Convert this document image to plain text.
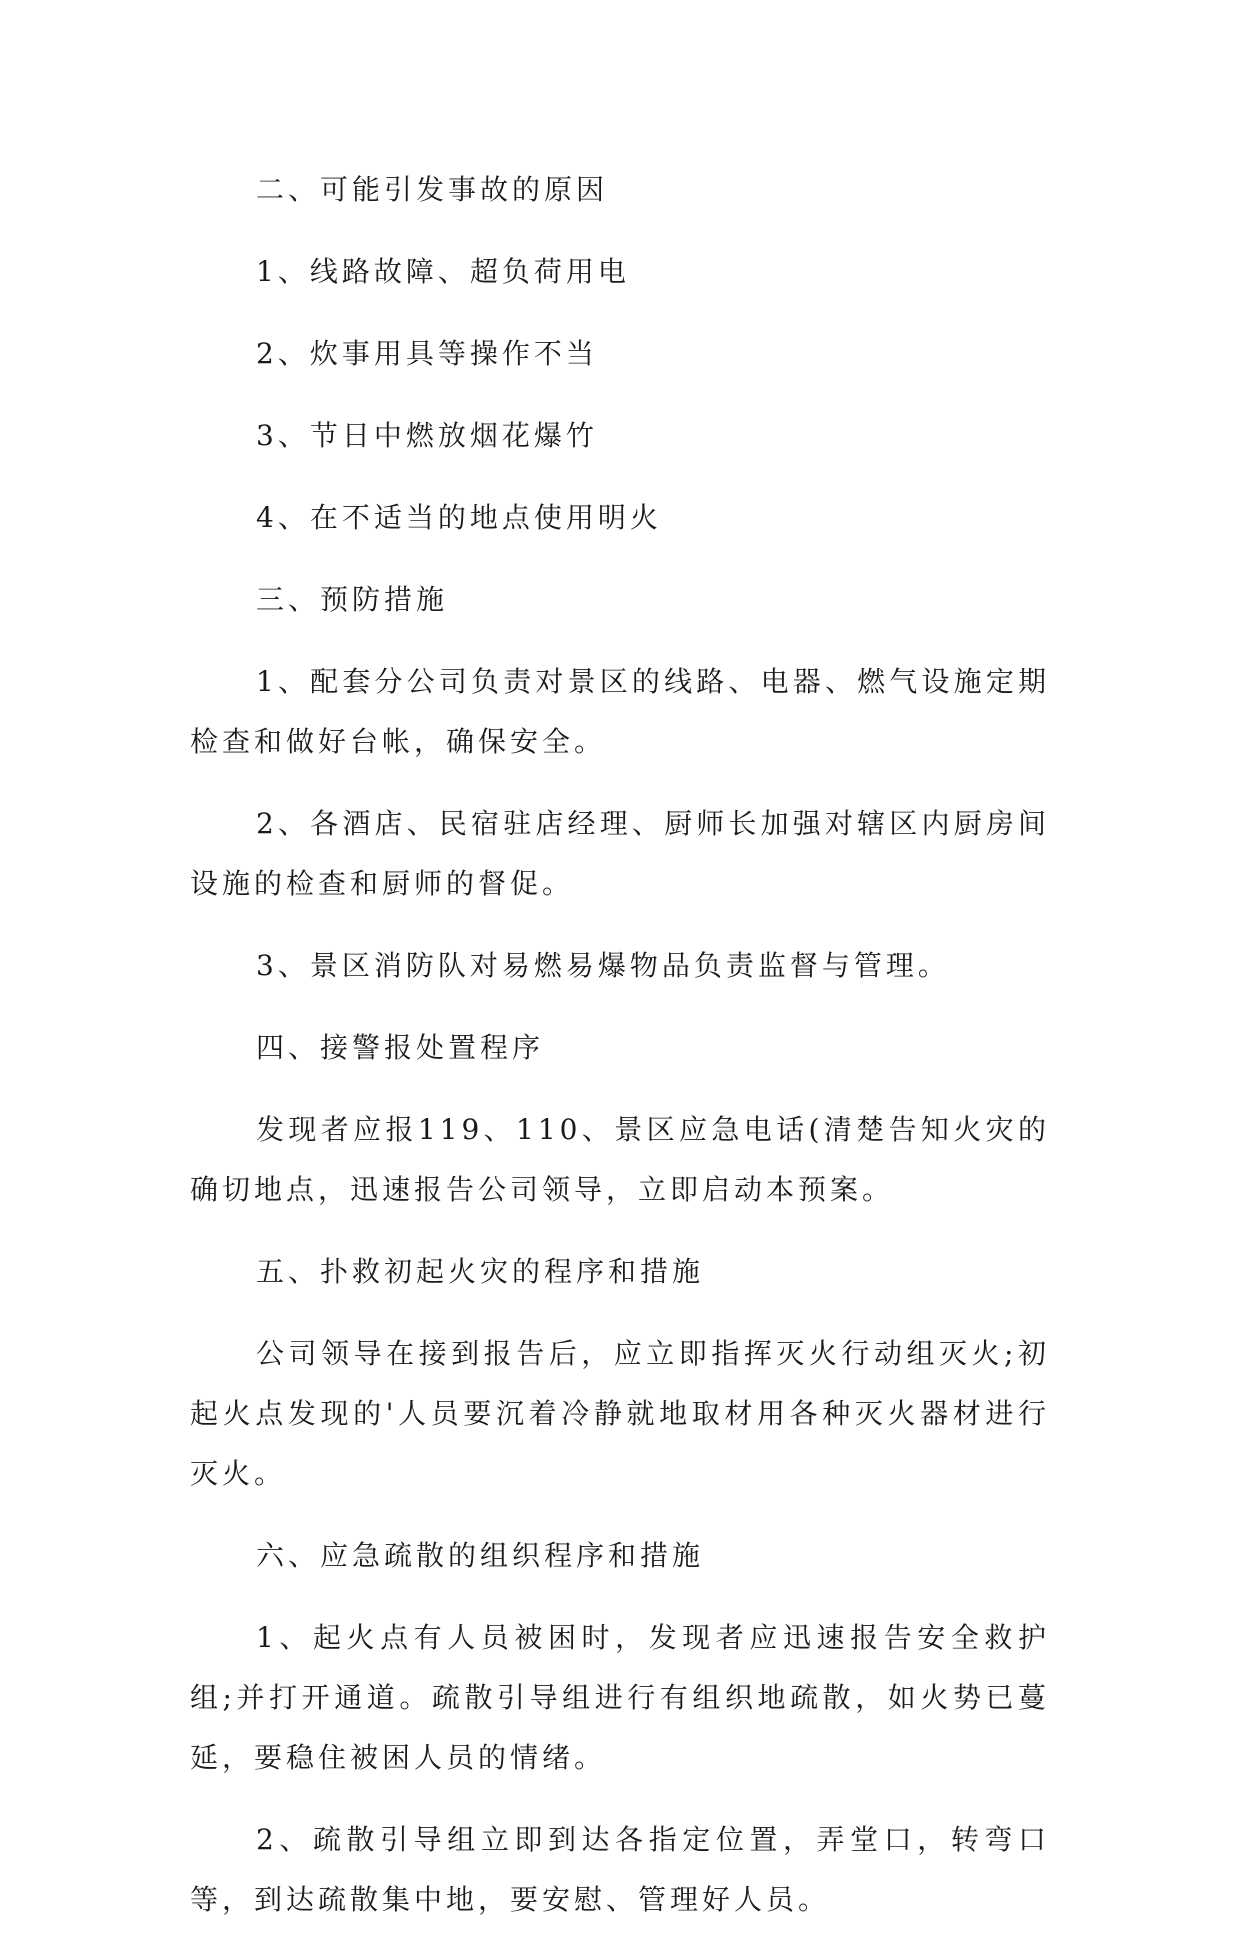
二、可能引发事故的原因

1、线路故障、超负荷用电

2、炊事用具等操作不当

3、节日中燃放烟花爆竹

4、在不适当的地点使用明火

三、预防措施

1、配套分公司负责对景区的线路、电器、燃气设施定期检查和做好台帐，确保安全。

2、各酒店、民宿驻店经理、厨师长加强对辖区内厨房间设施的检查和厨师的督促。

3、景区消防队对易燃易爆物品负责监督与管理。

四、接警报处置程序

发现者应报119、110、景区应急电话(清楚告知火灾的确切地点，迅速报告公司领导，立即启动本预案。

五、扑救初起火灾的程序和措施

公司领导在接到报告后，应立即指挥灭火行动组灭火;初起火点发现的'人员要沉着冷静就地取材用各种灭火器材进行灭火。

六、应急疏散的组织程序和措施

1、起火点有人员被困时，发现者应迅速报告安全救护组;并打开通道。疏散引导组进行有组织地疏散，如火势已蔓延，要稳住被困人员的情绪。

2、疏散引导组立即到达各指定位置，弄堂口，转弯口等，到达疏散集中地，要安慰、管理好人员。
